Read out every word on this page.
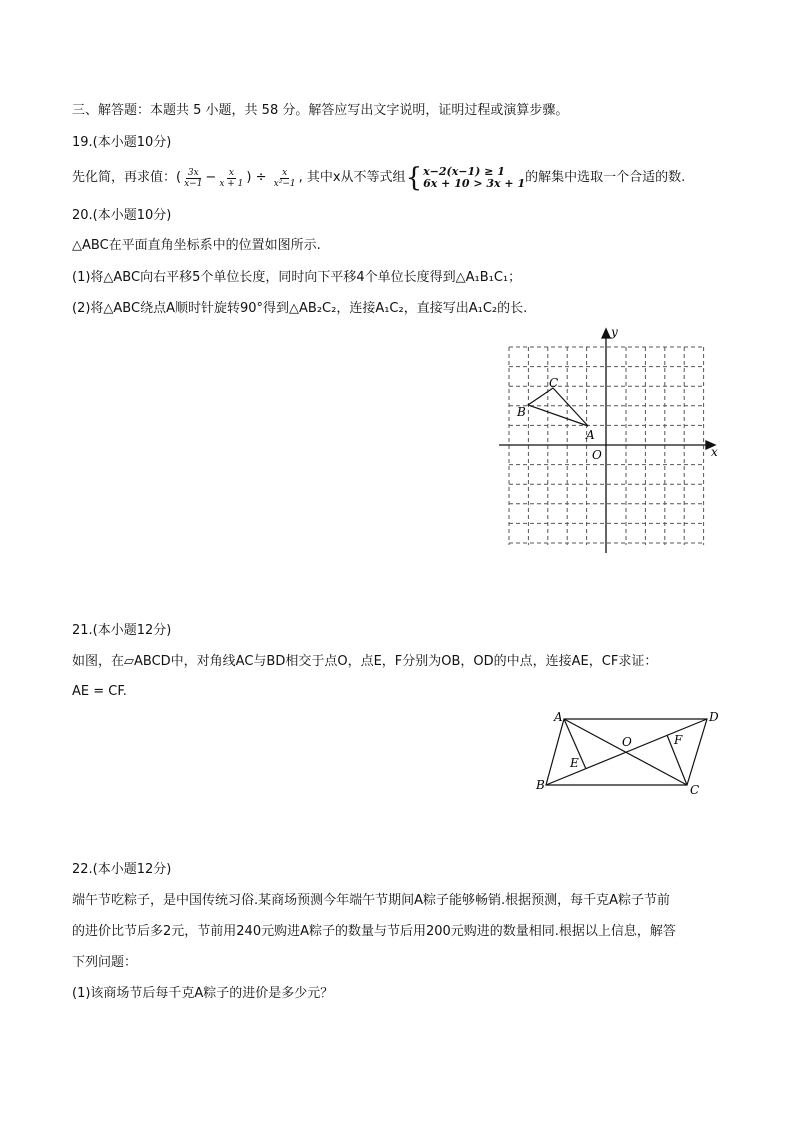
三、解答题：本题共 5 小题，共 58 分。解答应写出文字说明，证明过程或演算步骤。
19.(本小题10分)
先化简，再求值：( $\frac{3x}{x-1} - \frac{x}{x + 1}$ ) ÷ $\frac{x}{\text{x²−1}}$ , 其中x从不等式组 { x−2(x−1) ≥ 1
6x + 10 > 3x + 1 的解集中选取一个合适的数.
20.(本小题10分)
△ABC在平面直角坐标系中的位置如图所示.
(1)将△ABC向右平移5个单位长度，同时向下平移4个单位长度得到△A₁B₁C₁；
(2)将△ABC绕点A顺时针旋转90°得到△AB₂C₂，连接A₁C₂，直接写出A₁C₂的长.
x
y
O
A
B
C
21.(本小题12分)
如图，在▱ABCD中，对角线AC与BD相交于点O，点E，F分别为OB，OD的中点，连接AE，CF求证：
AE = CF.
A
B	C
D
O
E
F
22.(本小题12分)
端午节吃粽子，是中国传统习俗.某商场预测今年端午节期间A粽子能够畅销.根据预测，每千克A粽子节前
的进价比节后多2元，节前用240元购进A粽子的数量与节后用200元购进的数量相同.根据以上信息，解答
下列问题：
(1)该商场节后每千克A粽子的进价是多少元？
